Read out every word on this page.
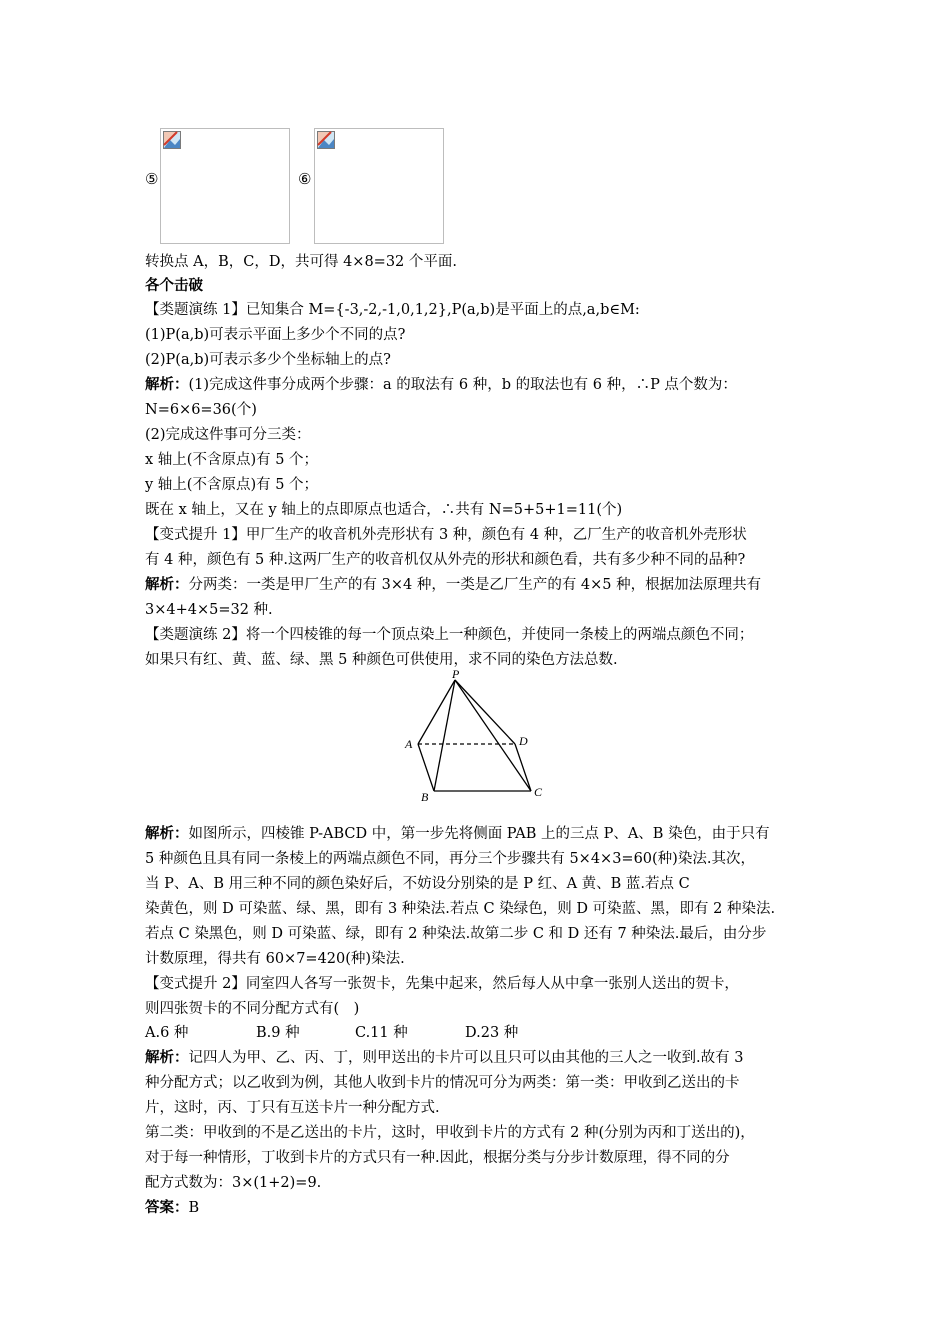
⑤	⑥
转换点 A，B，C，D，共可得 4×8=32 个平面.
各个击破
【类题演练 1】已知集合 M={-3,-2,-1,0,1,2},P(a,b)是平面上的点,a,b∈M:
(1)P(a,b)可表示平面上多少个不同的点?
(2)P(a,b)可表示多少个坐标轴上的点?
解析：(1)完成这件事分成两个步骤：a 的取法有 6 种，b 的取法也有 6 种，∴P 点个数为：
N=6×6=36(个)
(2)完成这件事可分三类：
x 轴上(不含原点)有 5 个；
y 轴上(不含原点)有 5 个；
既在 x 轴上，又在 y 轴上的点即原点也适合，∴共有 N=5+5+1=11(个)
【变式提升 1】甲厂生产的收音机外壳形状有 3 种，颜色有 4 种，乙厂生产的收音机外壳形状
有 4 种，颜色有 5 种.这两厂生产的收音机仅从外壳的形状和颜色看，共有多少种不同的品种?
解析：分两类：一类是甲厂生产的有 3×4 种，一类是乙厂生产的有 4×5 种，根据加法原理共有
3×4+4×5=32 种.
【类题演练 2】将一个四棱锥的每一个顶点染上一种颜色，并使同一条棱上的两端点颜色不同；
如果只有红、黄、蓝、绿、黑 5 种颜色可供使用，求不同的染色方法总数.
解析：如图所示，四棱锥 P-ABCD 中，第一步先将侧面 PAB 上的三点 P、A、B 染色，由于只有
5 种颜色且具有同一条棱上的两端点颜色不同，再分三个步骤共有 5×4×3=60(种)染法.其次，
当 P、A、B 用三种不同的颜色染好后，不妨设分别染的是 P 红、A 黄、B 蓝.若点 C
染黄色，则 D 可染蓝、绿、黑，即有 3 种染法.若点 C 染绿色，则 D 可染蓝、黑，即有 2 种染法.
若点 C 染黑色，则 D 可染蓝、绿，即有 2 种染法.故第二步 C 和 D 还有 7 种染法.最后，由分步
计数原理，得共有 60×7=420(种)染法.
【变式提升 2】同室四人各写一张贺卡，先集中起来，然后每人从中拿一张别人送出的贺卡，
则四张贺卡的不同分配方式有(　)
A.6 种	B.9 种	C.11 种	D.23 种
解析：记四人为甲、乙、丙、丁，则甲送出的卡片可以且只可以由其他的三人之一收到.故有 3
种分配方式；以乙收到为例，其他人收到卡片的情况可分为两类：第一类：甲收到乙送出的卡
片，这时，丙、丁只有互送卡片一种分配方式.
第二类：甲收到的不是乙送出的卡片，这时，甲收到卡片的方式有 2 种(分别为丙和丁送出的)，
对于每一种情形，丁收到卡片的方式只有一种.因此，根据分类与分步计数原理，得不同的分
配方式数为：3×(1+2)=9.
答案：B
P
A
B	C
D
